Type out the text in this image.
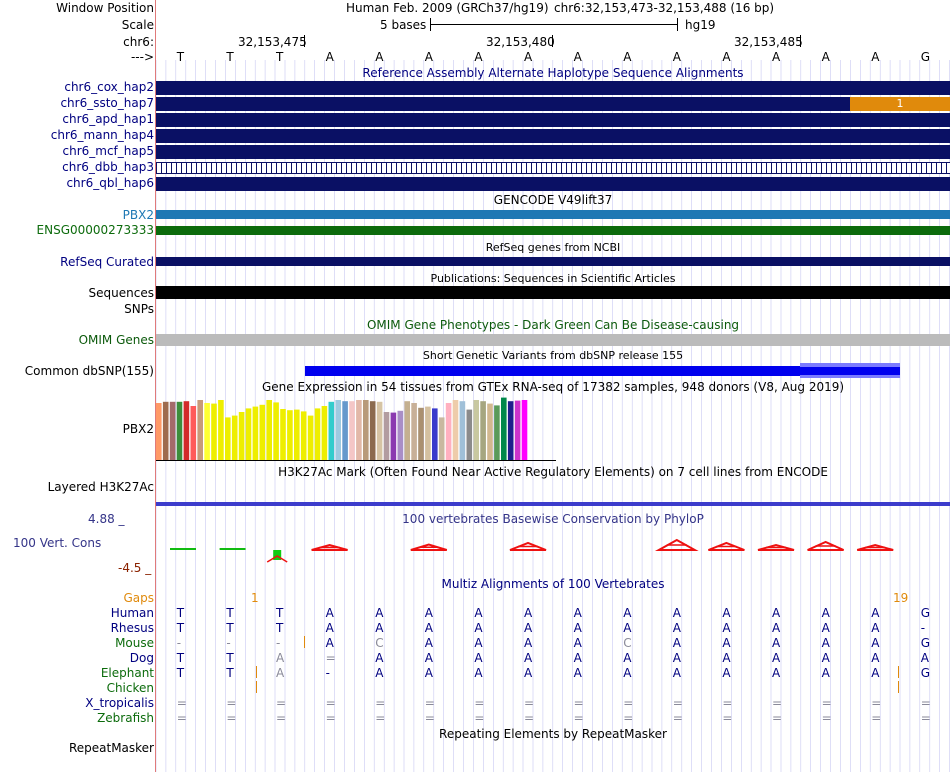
Window Position	Human Feb. 2009 (GRCh37/hg19) chr6:32,153,473-32,153,488 (16 bp)
Scale	5 bases	hg19
chr6:	32,153,475	32,153,480	32,153,485
---> T	T	T	A	A	A	A	A	A	A	A	A	A	A	A	G
Reference Assembly Alternate Haplotype Sequence Alignments
chr6_cox_hap2
chr6_ssto_hap7
chr6_apd_hap1
chr6_mann_hap4
chr6_mcf_hap5
chr6_dbb_hap3
chr6_qbl_hap6
1
GENCODE V49lift37
PBX2
ENSG00000273333
RefSeq genes from NCBI
RefSeq Curated
Publications: Sequences in Scientific Articles
Sequences
SNPs
OMIM Gene Phenotypes - Dark Green Can Be Disease-causing
OMIM Genes
Short Genetic Variants from dbSNP release 155
Common dbSNP(155)
Gene Expression in 54 tissues from GTEx RNA-seq of 17382 samples, 948 donors (V8, Aug 2019)
PBX2
H3K27Ac Mark (Often Found Near Active Regulatory Elements) on 7 cell lines from ENCODE
Layered H3K27Ac
100 vertebrates Basewise Conservation by PhyloP
4.88 _
100 Vert. Cons
-4.5 _
Multiz Alignments of 100 Vertebrates
Gaps	1	19
Human T	T	T	A	A	A	A	A	A	A	A	A	A	A	A	G
Rhesus T	T	T	A	A	A	A	A	A	A	A	A	A	A	A	-
Mouse -	-	-	A	C	A	A	A	A	C	A	A	A	A	A	G
Dog T	T	A	=	A	A	A	A	A	A	A	A	A	A	A	A
Elephant T	T	A	-	A	A	A	A	A	A	A	A	A	A	A	G
Chicken
X_tropicalis =	=	=	=	=	=	=	=	=	=	=	=	=	=	=	=
Zebrafish =	=	=	=	=	=	=	=	=	=	=	=	=	=	=	=
Repeating Elements by RepeatMasker
RepeatMasker
